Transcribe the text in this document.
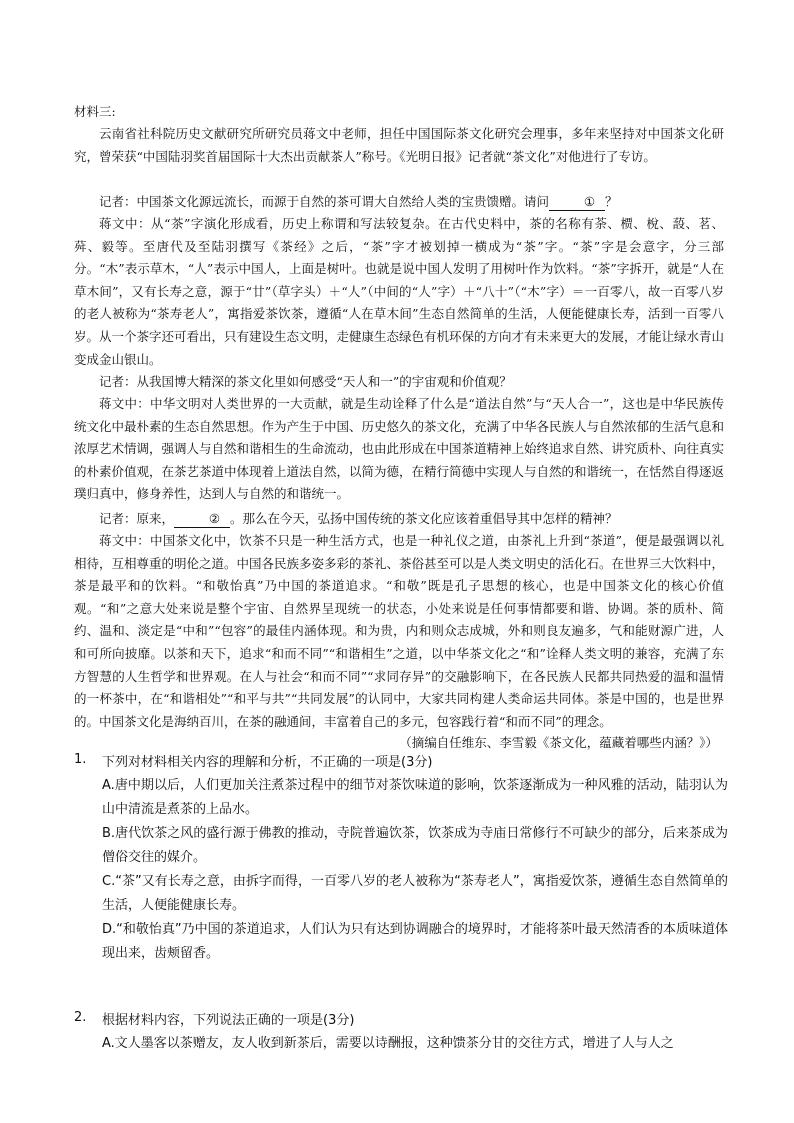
材料三:

云南省社科院历史文献研究所研究员蒋文中老师，担任中国国际茶文化研究会理事，多年来坚持对中国茶文化研究，曾荣获“中国陆羽奖首届国际十大杰出贡献茶人”称号。《光明日报》记者就“茶文化”对他进行了专访。

记者：中国茶文化源远流长，而源于自然的茶可谓大自然给人类的宝贵馈赠。请问	① ？

蒋文中：从“茶”字演化形成看，历史上称谓和写法较复杂。在古代史料中，茶的名称有荼、槚、梲、蔎、茗、荈、毅等。至唐代及至陆羽撰写《茶经》之后，“茶”字才被划掉一横成为“茶”字。“茶”字是会意字，分三部分。“木”表示草木，“人”表示中国人，上面是树叶。也就是说中国人发明了用树叶作为饮料。“茶”字拆开，就是“人在草木间”，又有长寿之意，源于“廿”（草字头）＋“人”（中间的“人”字）＋“八十”（“木”字）＝一百零八，故一百零八岁的老人被称为“茶寿老人”，寓指爱茶饮茶，遵循“人在草木间”生态自然简单的生活，人便能健康长寿，活到一百零八岁。从一个茶字还可看出，只有建设生态文明，走健康生态绿色有机环保的方向才有未来更大的发展，才能让绿水青山变成金山银山。

记者：从我国博大精深的茶文化里如何感受“天人和一”的宇宙观和价值观？

蒋文中：中华文明对人类世界的一大贡献，就是生动诠释了什么是“道法自然”与“天人合一”，这也是中华民族传统文化中最朴素的生态自然思想。作为产生于中国、历史悠久的茶文化，充满了中华各民族人与自然浓郁的生活气息和浓厚艺术情调，强调人与自然和谐相生的生命流动，也由此形成在中国茶道精神上始终追求自然、讲究质朴、向往真实的朴素价值观，在茶艺茶道中体现着上道法自然，以简为德，在精行简德中实现人与自然的和谐统一，在恬然自得逐返璞归真中，修身养性，达到人与自然的和谐统一。

记者：原来，	② 。那么在今天，弘扬中国传统的茶文化应该着重倡导其中怎样的精神？

蒋文中：中国茶文化中，饮茶不只是一种生活方式，也是一种礼仪之道，由茶礼上升到“茶道”，便是最强调以礼相待，互相尊重的明伦之道。中国各民族多姿多彩的茶礼、茶俗甚至可以是人类文明史的活化石。在世界三大饮料中，茶是最平和的饮料。“和敬怡真”乃中国的茶道追求。“和敬”既是孔子思想的核心，也是中国茶文化的核心价值观。“和”之意大处来说是整个宇宙、自然界呈现统一的状态，小处来说是任何事情都要和谐、协调。茶的质朴、简约、温和、淡定是“中和”“包容”的最佳内涵体现。和为贵，内和则众志成城，外和则良友遍多，气和能财源广进，人和可所向披靡。以茶和天下，追求“和而不同”“和谐相生”之道，以中华茶文化之“和”诠释人类文明的兼容，充满了东方智慧的人生哲学和世界观。在人与社会“和而不同”“求同存异”的交融影响下，在各民族人民都共同热爱的温和温情的一杯茶中，在“和谐相处”“和平与共”“共同发展”的认同中，大家共同构建人类命运共同体。茶是中国的，也是世界的。中国茶文化是海纳百川，在茶的融通间，丰富着自己的多元，包容践行着“和而不同”的理念。

（摘编自任维东、李雪毅《茶文化，蕴藏着哪些内涵？》）
1. 下列对材料相关内容的理解和分析，不正确的一项是(3分)
A.唐中期以后，人们更加关注煮茶过程中的细节对茶饮味道的影响，饮茶逐渐成为一种风雅的活动，陆羽认为山中清流是煮茶的上品水。
B.唐代饮茶之风的盛行源于佛教的推动，寺院普遍饮茶，饮茶成为寺庙日常修行不可缺少的部分，后来茶成为僧俗交往的媒介。
C.“茶”又有长寿之意，由拆字而得，一百零八岁的老人被称为“茶寿老人”，寓指爱饮茶，遵循生态自然简单的生活，人便能健康长寿。
D.“和敬怡真”乃中国的茶道追求，人们认为只有达到协调融合的境界时，才能将茶叶最天然清香的本质味道体现出来，齿颊留香。
2. 根据材料内容，下列说法正确的一项是(3分)
A.文人墨客以茶赠友，友人收到新茶后，需要以诗酬报，这种馈茶分甘的交往方式，增进了人与人之
